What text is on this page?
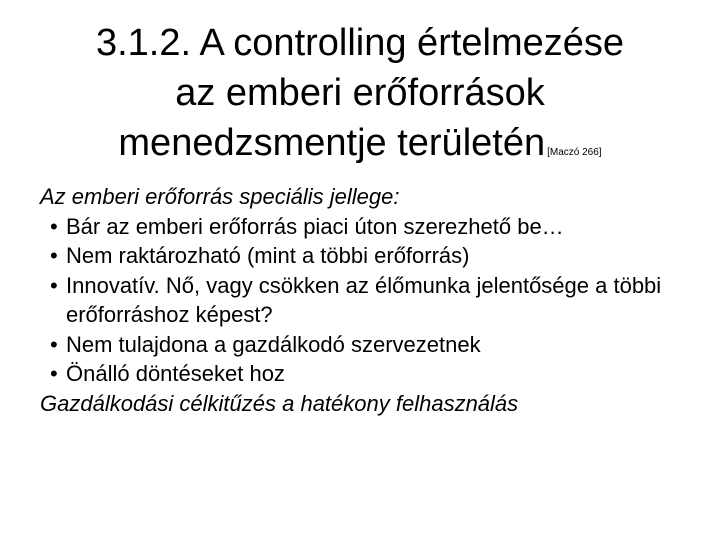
3.1.2. A controlling értelmezése
az emberi erőforrások
menedzsmentje területén [Maczó 266]
Az emberi erőforrás speciális jellege:
• Bár az emberi erőforrás piaci úton szerezhető be…
• Nem raktározható (mint a többi erőforrás)
• Innovatív. Nő, vagy csökken az élőmunka jelentősége a többi erőforráshoz képest?
• Nem tulajdona a gazdálkodó szervezetnek
• Önálló döntéseket hoz
Gazdálkodási célkitűzés a hatékony felhasználás
